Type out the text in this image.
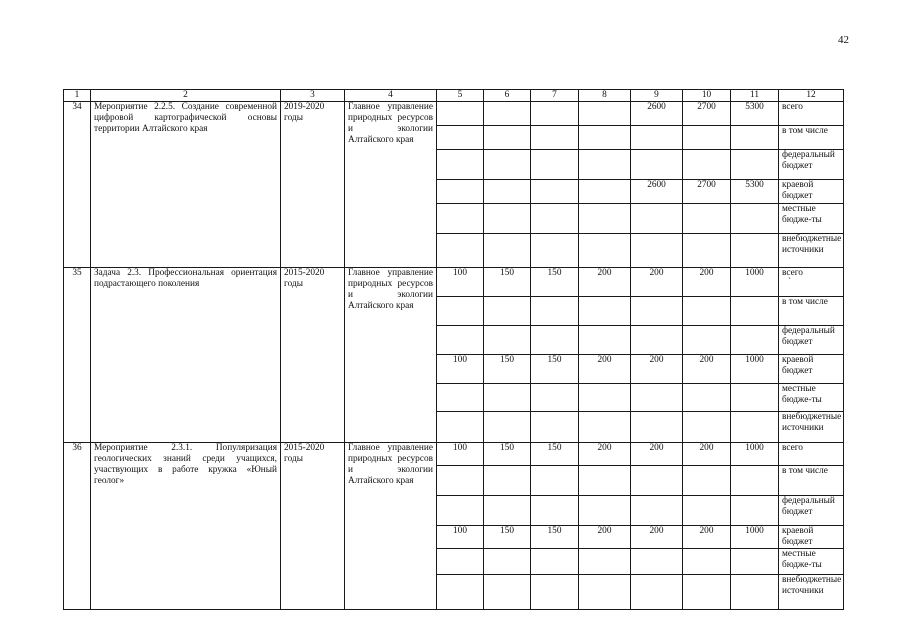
42
1	2	3	4	5	6	7	8	9	10	11	12
34	Мероприятие 2.2.5. Создание современной цифровой картографической основы территории Алтайского края	2019-2020 годы	Главное управление природных ресурсов и экологии Алтайского края					2600	2700	5300	всего

											в том числе

											федеральный бюджет

								2600	2700	5300	краевой бюджет

											местные бюдже-ты

											внебюджетные источники

35	Задача 2.3. Профессиональная ориентация подрастающего поколения	2015-2020 годы	Главное управление природных ресурсов и экологии Алтайского края	100	150	150	200	200	200	1000	всего
`

											в том числе

											федеральный бюджет

				100	150	150	200	200	200	1000	краевой бюджет

											местные бюдже-ты

											внебюджетные источники

36	Мероприятие 2.3.1. Популяризация геологических знаний среди учащихся, участвующих в работе кружка «Юный геолог»	2015-2020 годы	Главное управление природных ресурсов и экологии Алтайского края	100	150	150	200	200	200	1000	всего

											в том числе

											федеральный бюджет

				100	150	150	200	200	200	1000	краевой бюджет

											местные бюдже-ты

											внебюджетные источники
